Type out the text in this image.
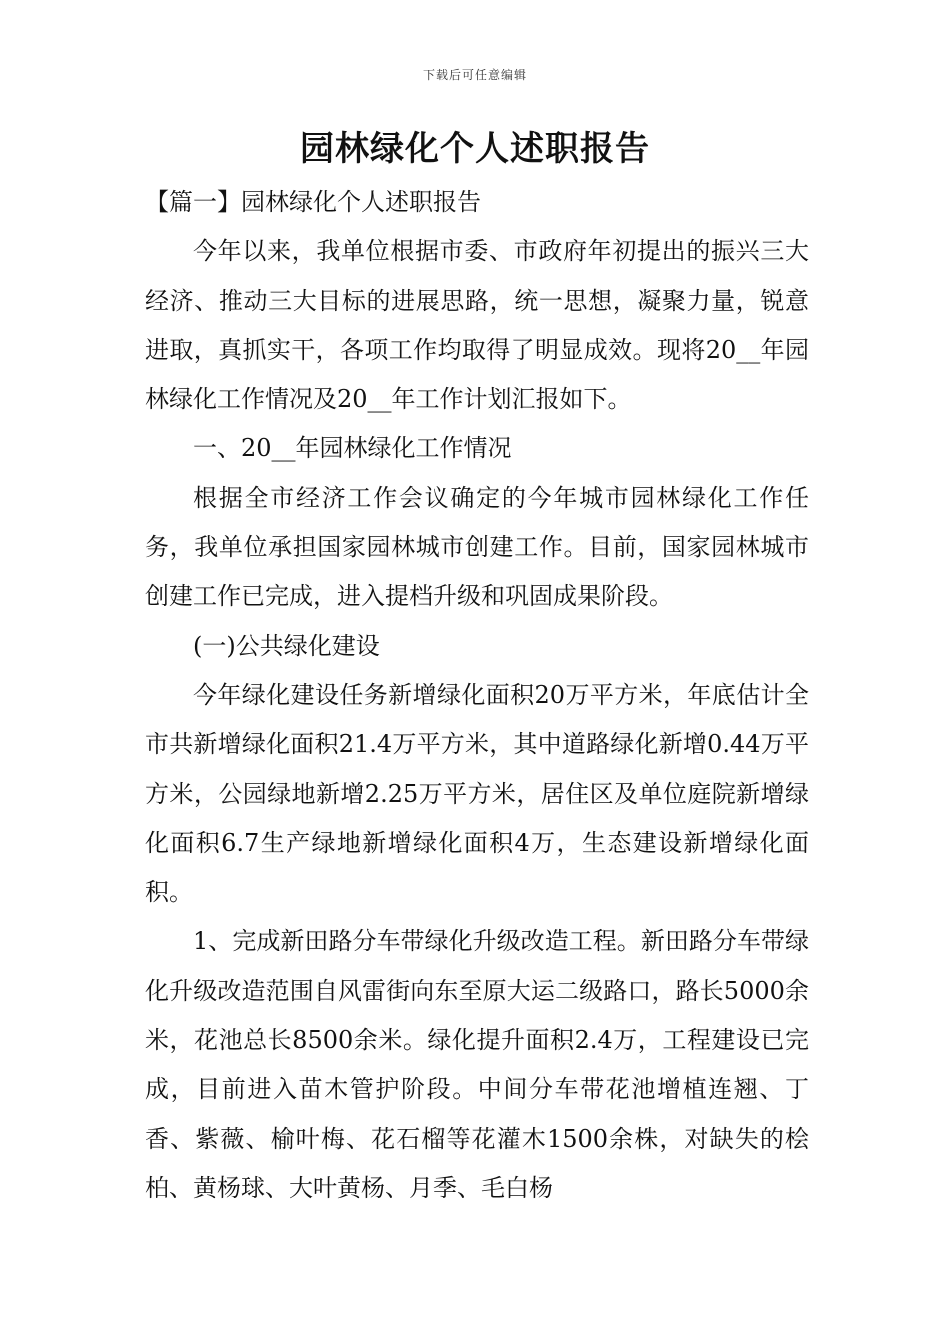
下载后可任意编辑
园林绿化个人述职报告

【篇一】园林绿化个人述职报告

今年以来，我单位根据市委、市政府年初提出的振兴三大经济、推动三大目标的进展思路，统一思想，凝聚力量，锐意进取，真抓实干，各项工作均取得了明显成效。现将20__年园林绿化工作情况及20__年工作计划汇报如下。

一、20__年园林绿化工作情况

根据全市经济工作会议确定的今年城市园林绿化工作任务，我单位承担国家园林城市创建工作。目前，国家园林城市创建工作已完成，进入提档升级和巩固成果阶段。

(一)公共绿化建设

今年绿化建设任务新增绿化面积20万平方米，年底估计全市共新增绿化面积21.4万平方米，其中道路绿化新增0.44万平方米，公园绿地新增2.25万平方米，居住区及单位庭院新增绿化面积6.7生产绿地新增绿化面积4万，生态建设新增绿化面积。

1、完成新田路分车带绿化升级改造工程。新田路分车带绿化升级改造范围自风雷街向东至原大运二级路口，路长5000余米，花池总长8500余米。绿化提升面积2.4万，工程建设已完成，目前进入苗木管护阶段。中间分车带花池增植连翘、丁香、紫薇、榆叶梅、花石榴等花灌木1500余株，对缺失的桧柏、黄杨球、大叶黄杨、月季、毛白杨
